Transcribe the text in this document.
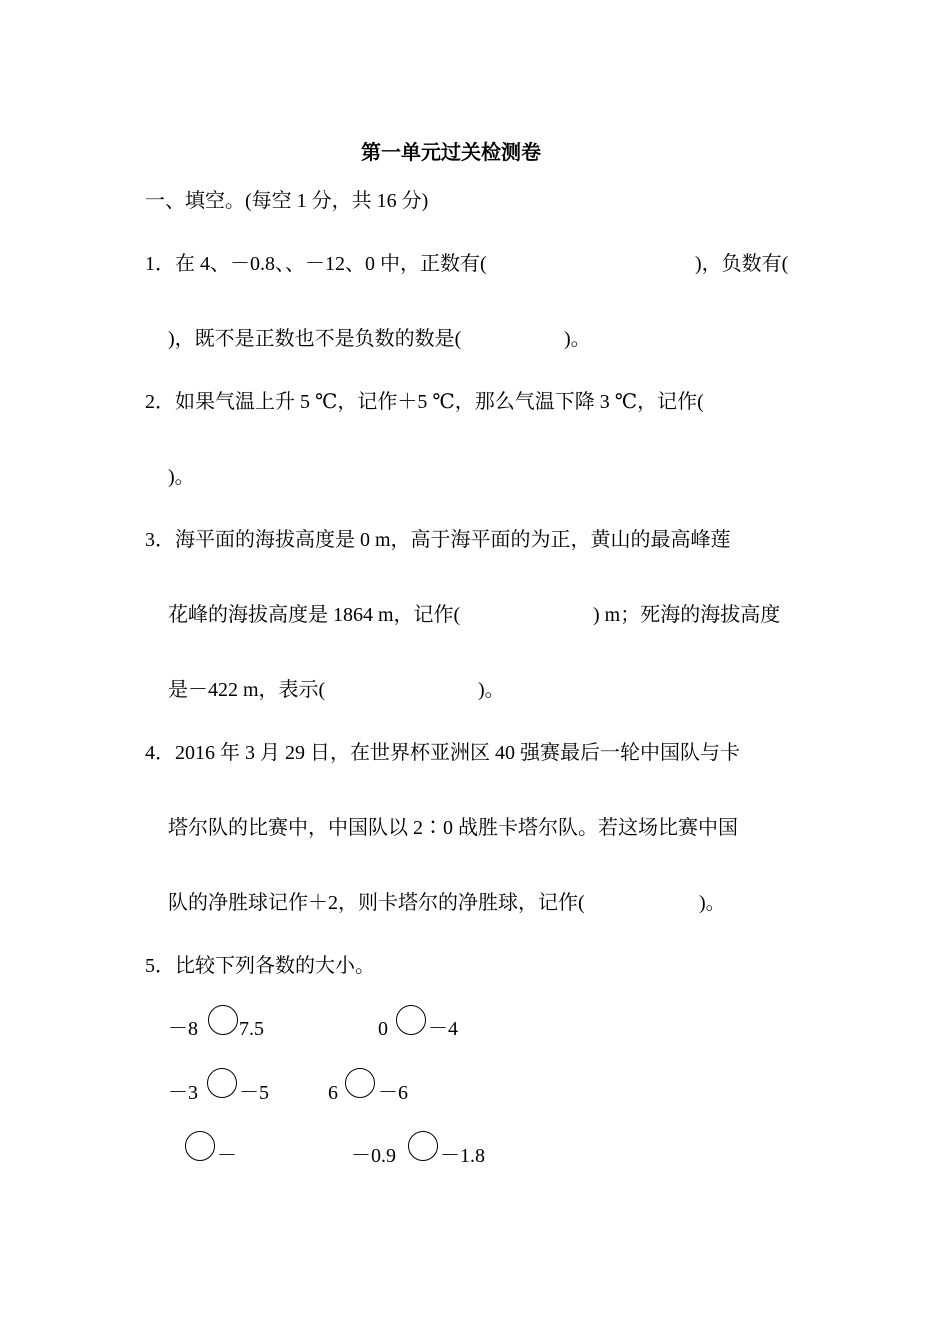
第一单元过关检测卷
一、填空。(每空 1 分，共 16 分)
1．在 4、－0.8、、－12、0 中，正数有(	)，负数有(
)，既不是正数也不是负数的数是(	)。
2．如果气温上升 5 ℃，记作＋5 ℃，那么气温下降 3 ℃，记作(
)。
3．海平面的海拔高度是 0 m，高于海平面的为正，黄山的最高峰莲
花峰的海拔高度是 1864 m，记作(	) m；死海的海拔高度
是－422 m，表示(	)。
4．2016 年 3 月 29 日，在世界杯亚洲区 40 强赛最后一轮中国队与卡
塔尔队的比赛中，中国队以 2∶0 战胜卡塔尔队。若这场比赛中国
队的净胜球记作＋2，则卡塔尔的净胜球，记作(	)。
5．比较下列各数的大小。
－8 7.5	0 －4
－3 －5	6 －6
－	－0.9 －1.8
